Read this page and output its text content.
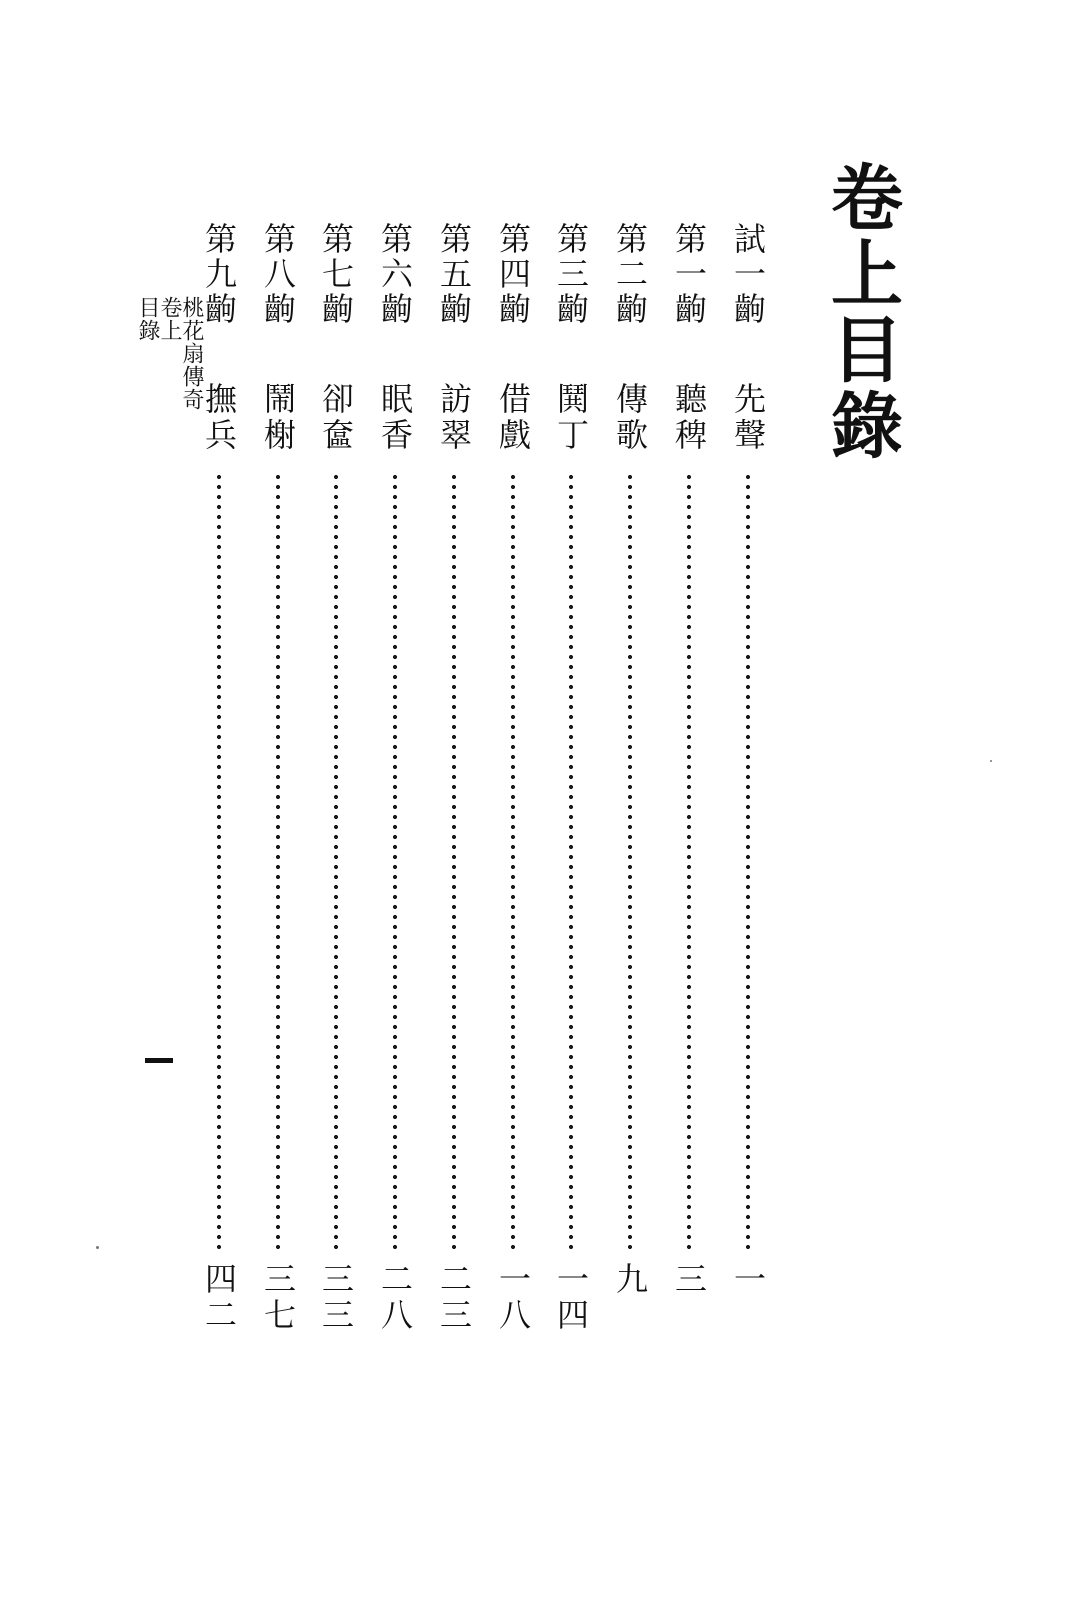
卷上目錄
試一齣
先聲
一
第一齣
聽稗
三
第二齣
傳歌
九
第三齣
鬨丁
一四
第四齣
借戲
一八
第五齣
訪翠
二三
第六齣
眠香
二八
第七齣
卻奩
三三
第八齣
鬧榭
三七
第九齣
撫兵
四二
桃花扇傳奇
卷上
目錄
